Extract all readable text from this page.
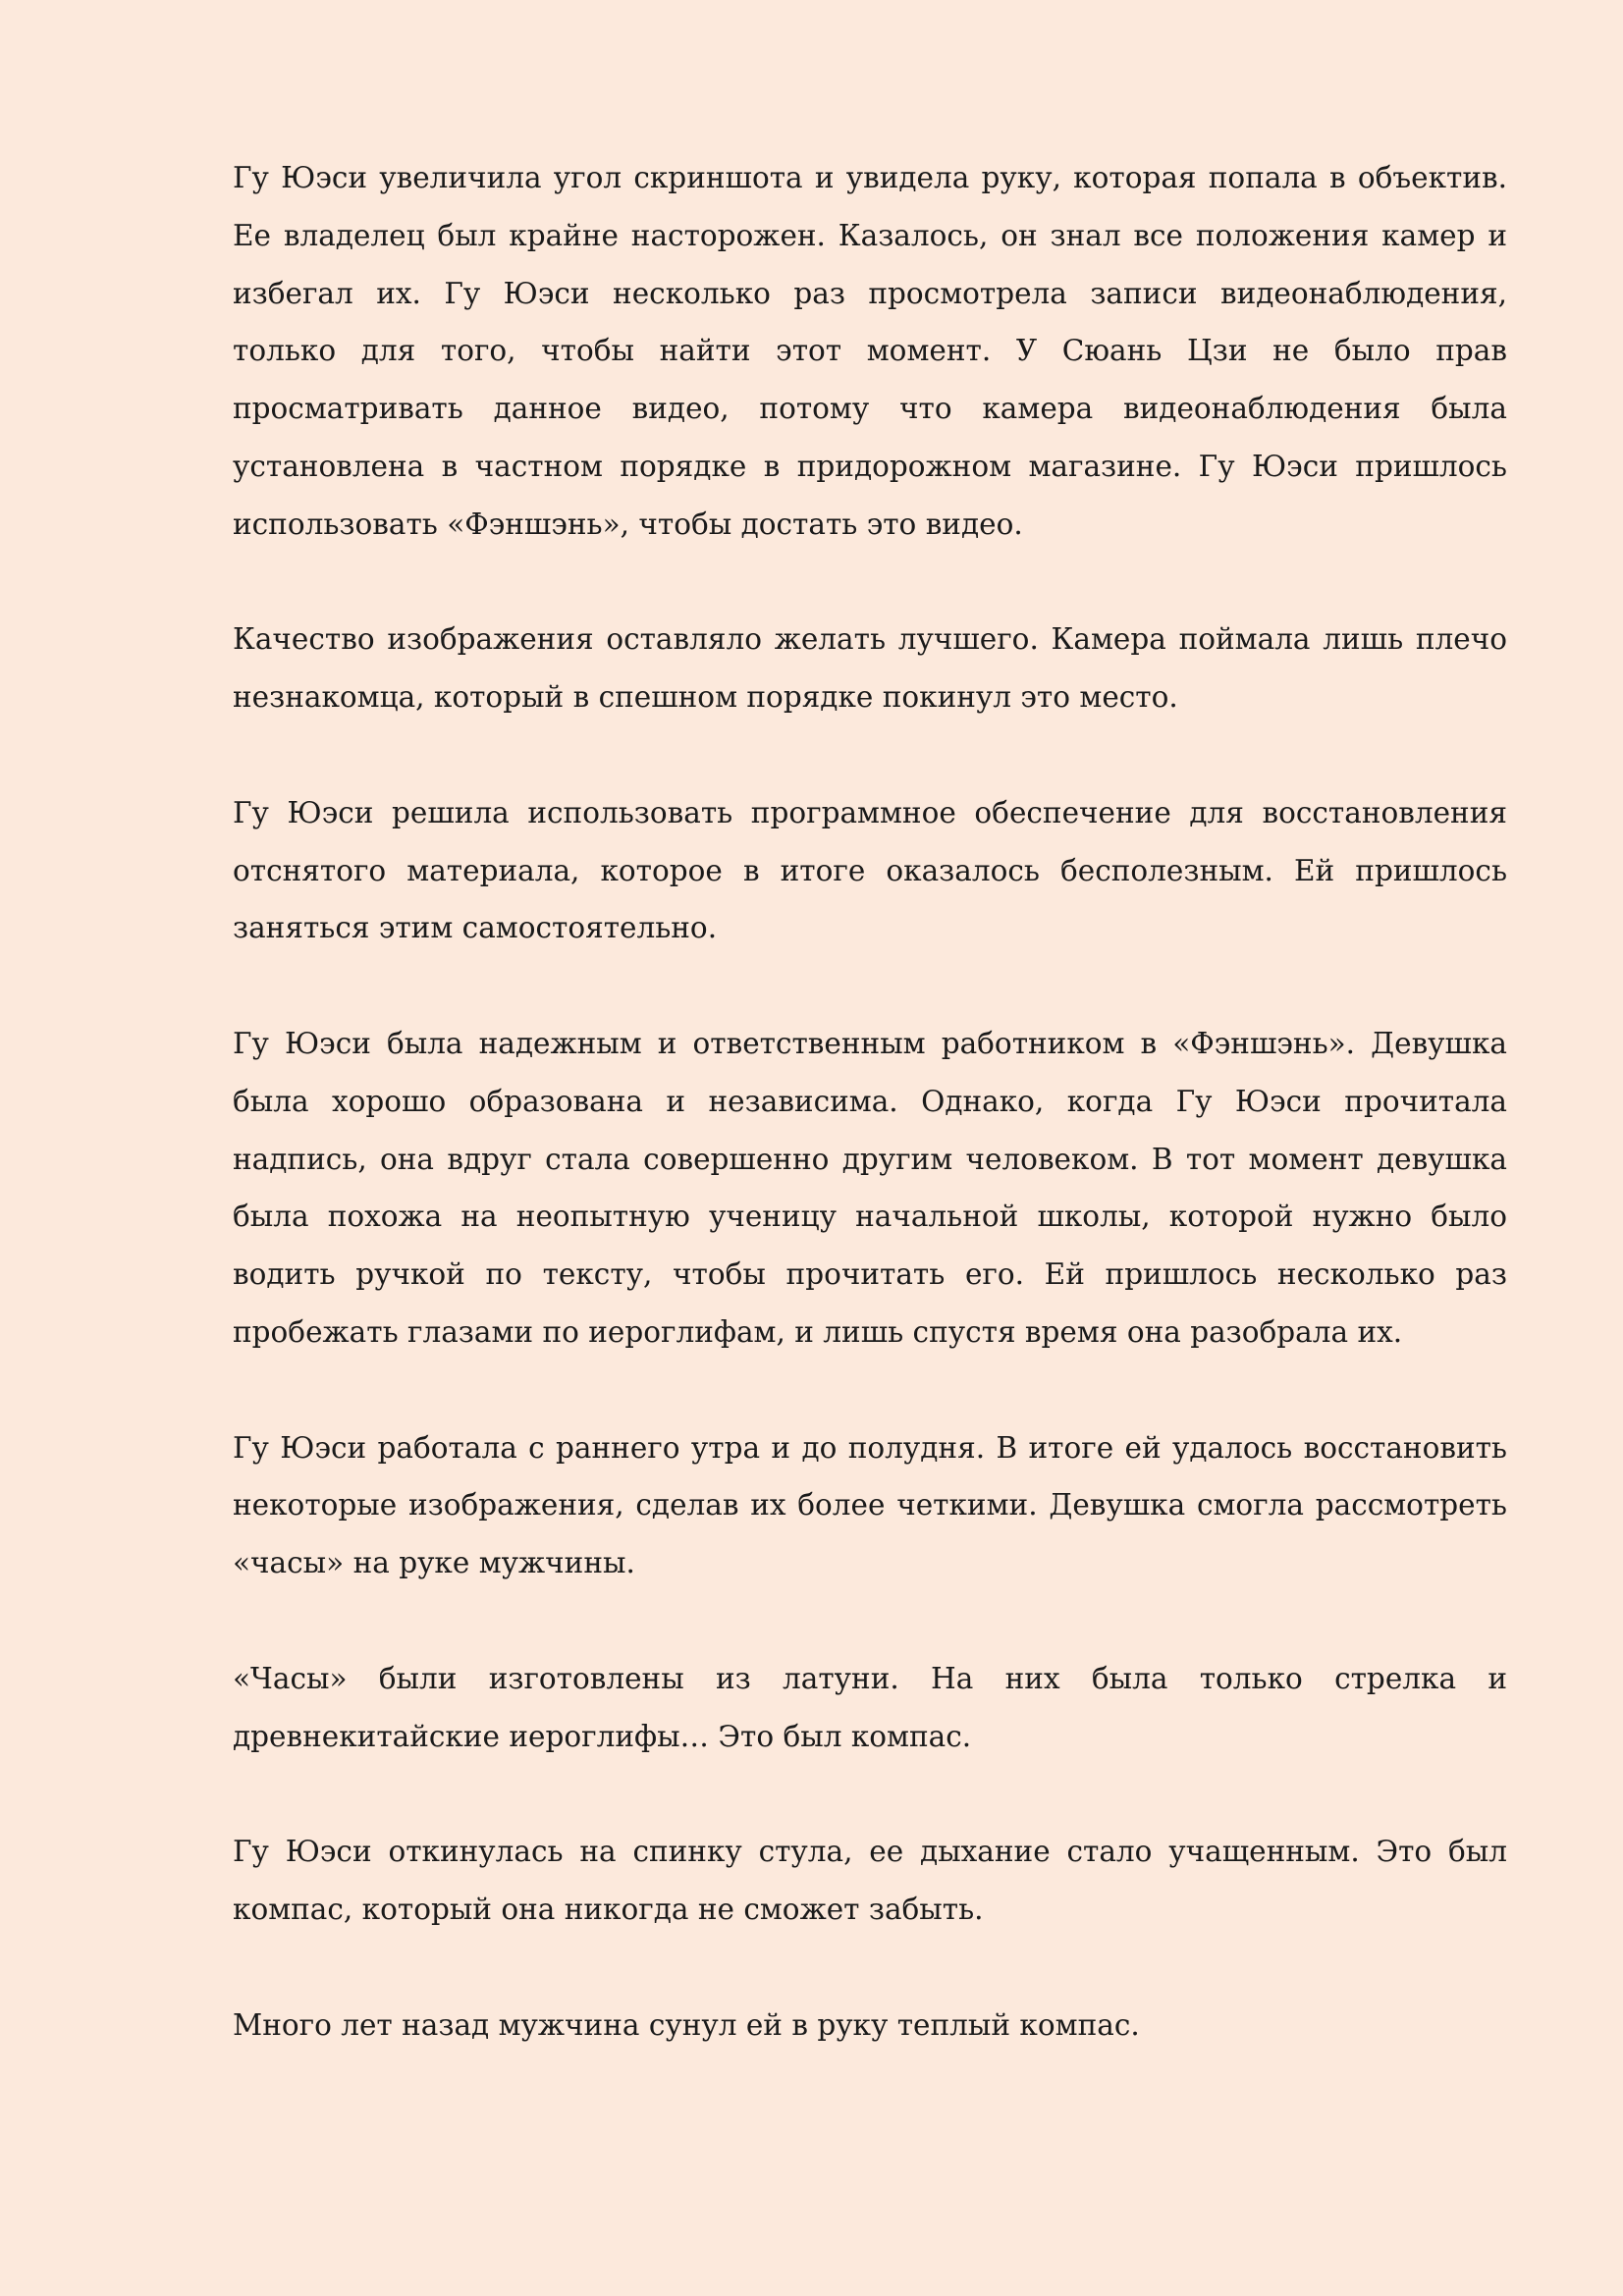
Гу Юэси увеличила угол скриншота и увидела руку, которая попала в объектив. Ее владелец был крайне насторожен. Казалось, он знал все положения камер и избегал их. Гу Юэси несколько раз просмотрела записи видеонаблюдения, только для того, чтобы найти этот момент. У Сюань Цзи не было прав просматривать данное видео, потому что камера видеонаблюдения была установлена в частном порядке в придорожном магазине. Гу Юэси пришлось использовать «Фэншэнь», чтобы достать это видео.

Качество изображения оставляло желать лучшего. Камера поймала лишь плечо незнакомца, который в спешном порядке покинул это место.

Гу Юэси решила использовать программное обеспечение для восстановления отснятого материала, которое в итоге оказалось бесполезным. Ей пришлось заняться этим самостоятельно.

Гу Юэси была надежным и ответственным работником в «Фэншэнь». Девушка была хорошо образована и независима. Однако, когда Гу Юэси прочитала надпись, она вдруг стала совершенно другим человеком. В тот момент девушка была похожа на неопытную ученицу начальной школы, которой нужно было водить ручкой по тексту, чтобы прочитать его. Ей пришлось несколько раз пробежать глазами по иероглифам, и лишь спустя время она разобрала их.

Гу Юэси работала с раннего утра и до полудня. В итоге ей удалось восстановить некоторые изображения, сделав их более четкими. Девушка смогла рассмотреть «часы» на руке мужчины.

«Часы» были изготовлены из латуни. На них была только стрелка и древнекитайские иероглифы… Это был компас.

Гу Юэси откинулась на спинку стула, ее дыхание стало учащенным. Это был компас, который она никогда не сможет забыть.

Много лет назад мужчина сунул ей в руку теплый компас.
